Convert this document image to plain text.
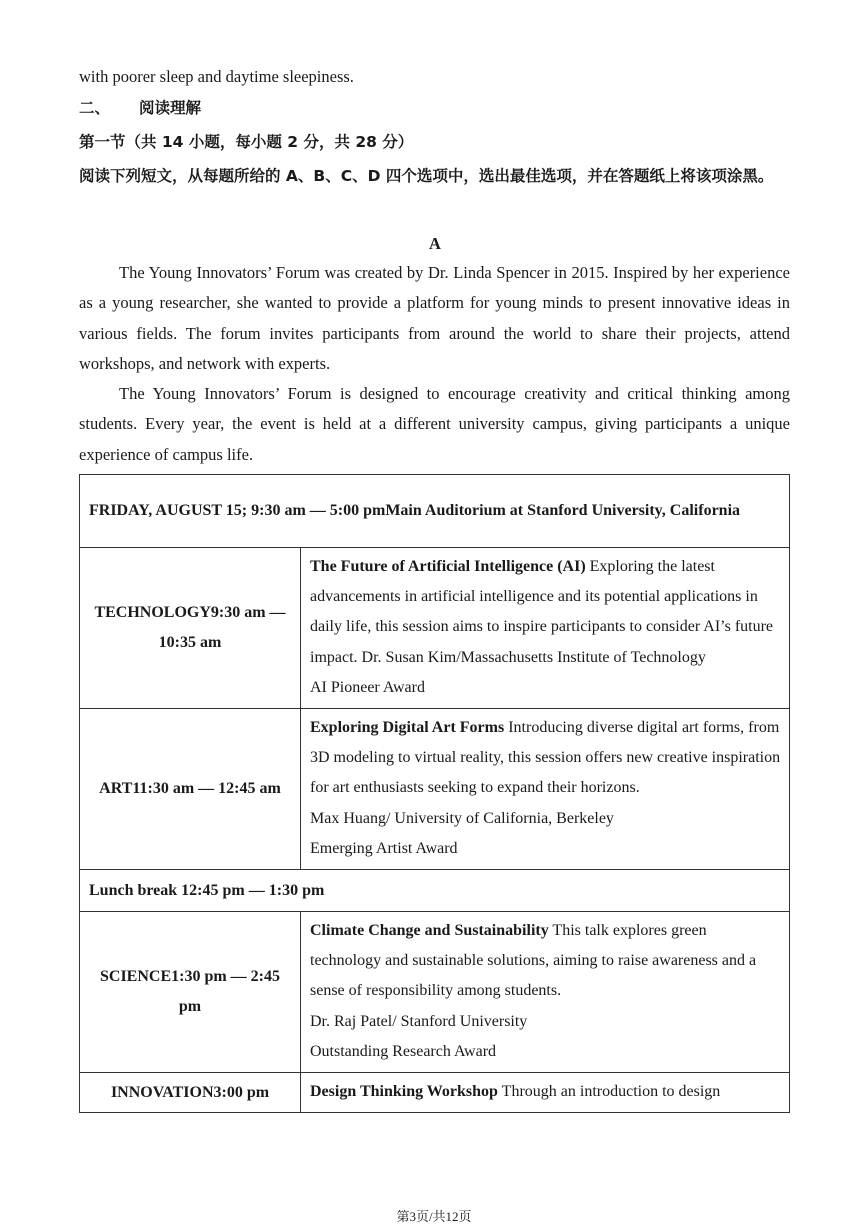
with poorer sleep and daytime sleepiness.
二、 阅读理解
第一节（共 14 小题，每小题 2 分，共 28 分）
阅读下列短文，从每题所给的 A、B、C、D 四个选项中，选出最佳选项，并在答题纸上将该项涂黑。
A

The Young Innovators’ Forum was created by Dr. Linda Spencer in 2015. Inspired by her experience as a young researcher, she wanted to provide a platform for young minds to present innovative ideas in various fields. The forum invites participants from around the world to share their projects, attend workshops, and network with experts.

The Young Innovators’ Forum is designed to encourage creativity and critical thinking among students. Every year, the event is held at a different university campus, giving participants a unique experience of campus life.

FRIDAY, AUGUST 15; 9:30 am — 5:00 pmMain Auditorium at Stanford University, California	
TECHNOLOGY9:30 am — 10:35 am	The Future of Artificial Intelligence (AI) Exploring the latest advancements in artificial intelligence and its potential applications in daily life, this session aims to inspire participants to consider AI’s future impact. Dr. Susan Kim/Massachusetts Institute of Technology
AI Pioneer Award
ART11:30 am — 12:45 am	Exploring Digital Art Forms Introducing diverse digital art forms, from 3D modeling to virtual reality, this session offers new creative inspiration for art enthusiasts seeking to expand their horizons.
Max Huang/ University of California, Berkeley
Emerging Artist Award
Lunch break 12:45 pm — 1:30 pm	
SCIENCE1:30 pm — 2:45 pm	Climate Change and Sustainability This talk explores green technology and sustainable solutions, aiming to raise awareness and a sense of responsibility among students.
Dr. Raj Patel/ Stanford University
Outstanding Research Award
INNOVATION3:00 pm	Design Thinking Workshop Through an introduction to design
第3页/共12页
